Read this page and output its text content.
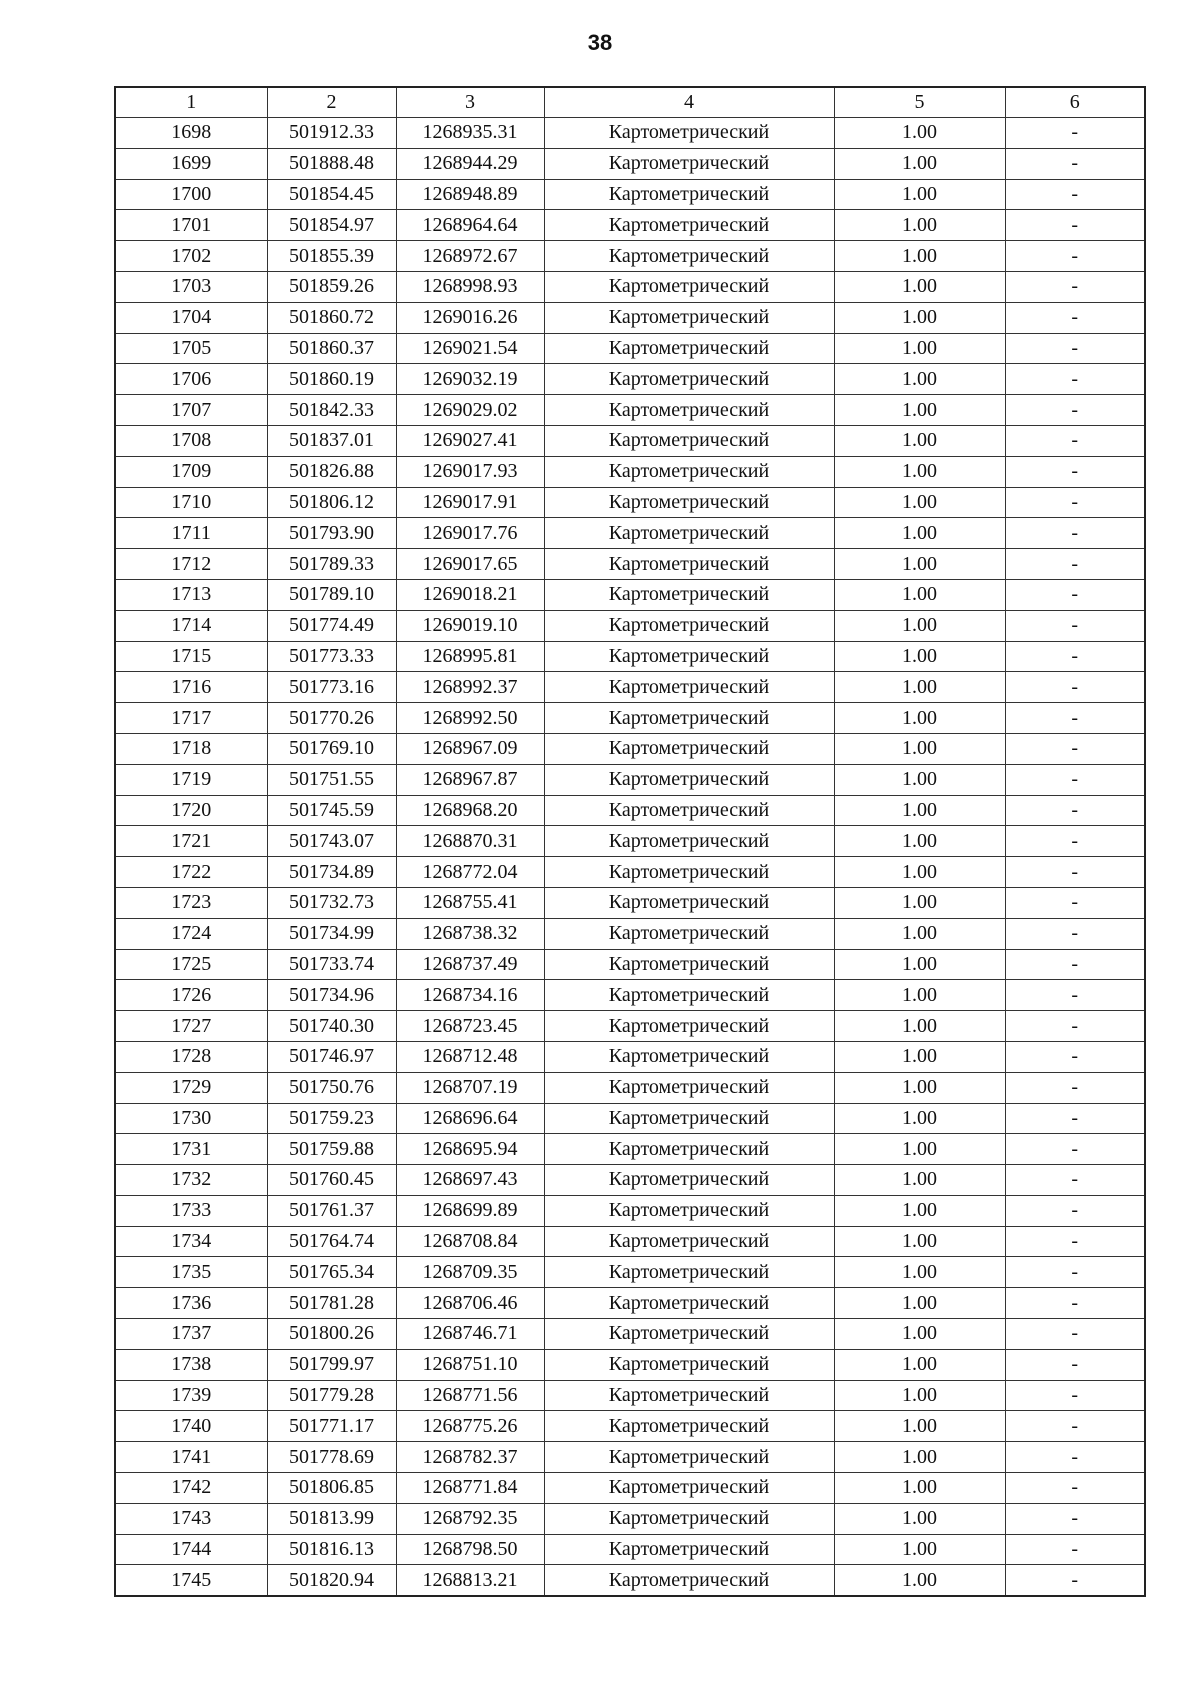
38
1	2	3	4	5	6
1698	501912.33	1268935.31	Картометрический	1.00	-
1699	501888.48	1268944.29	Картометрический	1.00	-
1700	501854.45	1268948.89	Картометрический	1.00	-
1701	501854.97	1268964.64	Картометрический	1.00	-
1702	501855.39	1268972.67	Картометрический	1.00	-
1703	501859.26	1268998.93	Картометрический	1.00	-
1704	501860.72	1269016.26	Картометрический	1.00	-
1705	501860.37	1269021.54	Картометрический	1.00	-
1706	501860.19	1269032.19	Картометрический	1.00	-
1707	501842.33	1269029.02	Картометрический	1.00	-
1708	501837.01	1269027.41	Картометрический	1.00	-
1709	501826.88	1269017.93	Картометрический	1.00	-
1710	501806.12	1269017.91	Картометрический	1.00	-
1711	501793.90	1269017.76	Картометрический	1.00	-
1712	501789.33	1269017.65	Картометрический	1.00	-
1713	501789.10	1269018.21	Картометрический	1.00	-
1714	501774.49	1269019.10	Картометрический	1.00	-
1715	501773.33	1268995.81	Картометрический	1.00	-
1716	501773.16	1268992.37	Картометрический	1.00	-
1717	501770.26	1268992.50	Картометрический	1.00	-
1718	501769.10	1268967.09	Картометрический	1.00	-
1719	501751.55	1268967.87	Картометрический	1.00	-
1720	501745.59	1268968.20	Картометрический	1.00	-
1721	501743.07	1268870.31	Картометрический	1.00	-
1722	501734.89	1268772.04	Картометрический	1.00	-
1723	501732.73	1268755.41	Картометрический	1.00	-
1724	501734.99	1268738.32	Картометрический	1.00	-
1725	501733.74	1268737.49	Картометрический	1.00	-
1726	501734.96	1268734.16	Картометрический	1.00	-
1727	501740.30	1268723.45	Картометрический	1.00	-
1728	501746.97	1268712.48	Картометрический	1.00	-
1729	501750.76	1268707.19	Картометрический	1.00	-
1730	501759.23	1268696.64	Картометрический	1.00	-
1731	501759.88	1268695.94	Картометрический	1.00	-
1732	501760.45	1268697.43	Картометрический	1.00	-
1733	501761.37	1268699.89	Картометрический	1.00	-
1734	501764.74	1268708.84	Картометрический	1.00	-
1735	501765.34	1268709.35	Картометрический	1.00	-
1736	501781.28	1268706.46	Картометрический	1.00	-
1737	501800.26	1268746.71	Картометрический	1.00	-
1738	501799.97	1268751.10	Картометрический	1.00	-
1739	501779.28	1268771.56	Картометрический	1.00	-
1740	501771.17	1268775.26	Картометрический	1.00	-
1741	501778.69	1268782.37	Картометрический	1.00	-
1742	501806.85	1268771.84	Картометрический	1.00	-
1743	501813.99	1268792.35	Картометрический	1.00	-
1744	501816.13	1268798.50	Картометрический	1.00	-
1745	501820.94	1268813.21	Картометрический	1.00	-
